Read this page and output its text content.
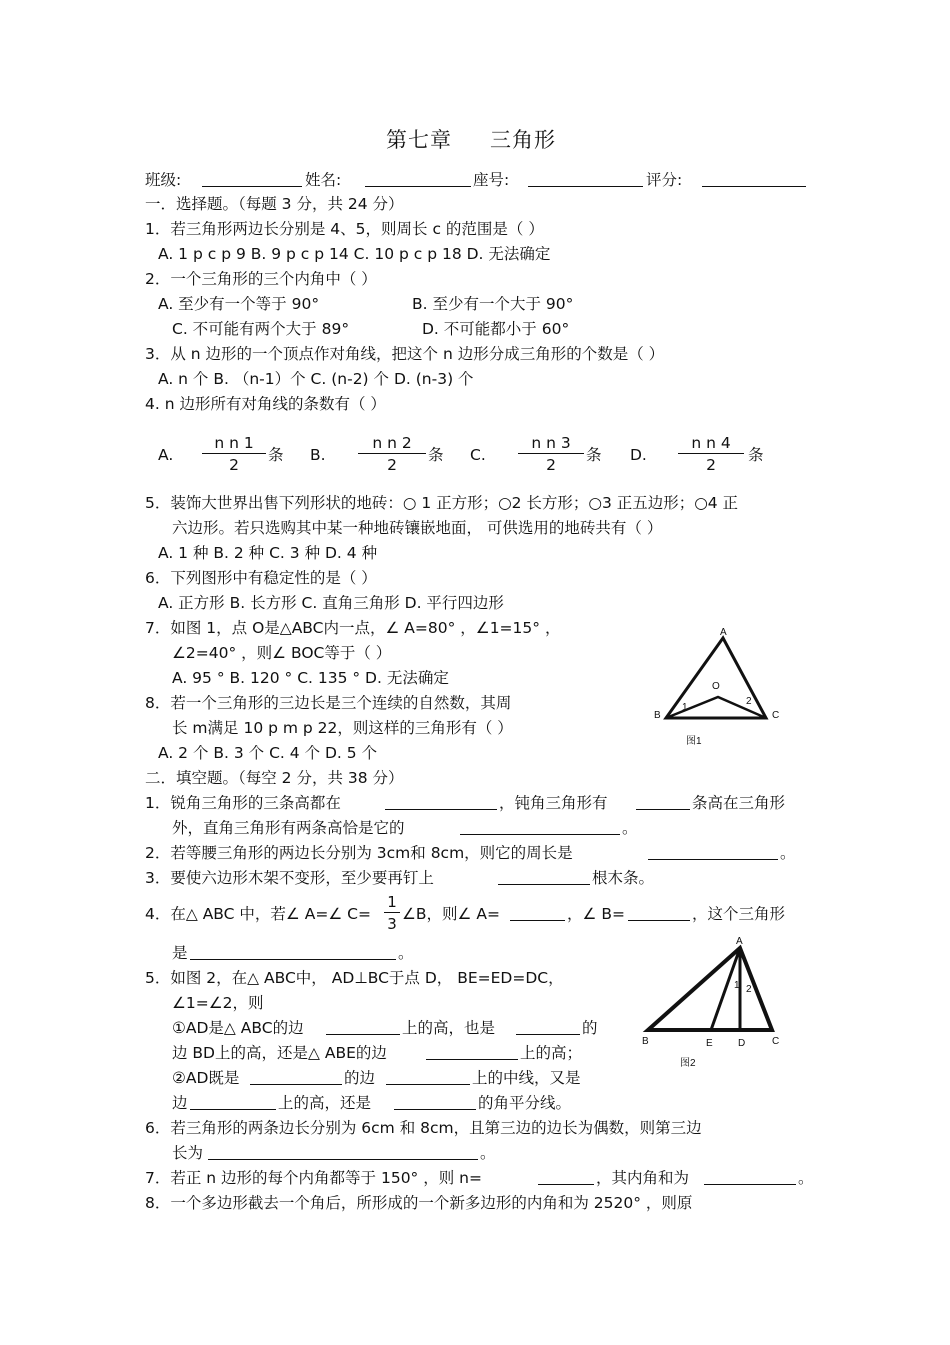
第七章 三角形
班级:	姓名:	座号:	评分:
一．选择题。（每题 3 分，共 24 分）
1．若三角形两边长分别是 4、5，则周长 c 的范围是（ ）
A. 1 p c p 9 B. 9 p c p 14 C. 10 p c p 18 D. 无法确定
2．一个三角形的三个内角中（ ）
A. 至少有一个等于 90°	B. 至少有一个大于 90°
C. 不可能有两个大于 89°	D. 不可能都小于 60°
3．从 n 边形的一个顶点作对角线，把这个 n 边形分成三角形的个数是（ ）
A. n 个 B. （n-1）个 C. (n-2) 个 D. (n-3) 个
4. n 边形所有对角线的条数有（ ）
A. $\frac{\text{n n 1}}{2}$ 条 B. $\frac{\text{n n 2}}{2}$ 条 C. $\frac{\text{n n 3}}{2}$ 条 D. $\frac{\text{n n 4}}{2}$ 条
5．装饰大世界出售下列形状的地砖：○ 1 正方形；○2 长方形；○3 正五边形；○4 正
六边形。若只选购其中某一种地砖镶嵌地面， 可供选用的地砖共有（ ）
A. 1 种 B. 2 种 C. 3 种 D. 4 种
6．下列图形中有稳定性的是（ ）
A. 正方形 B. 长方形 C. 直角三角形 D. 平行四边形
7．如图 1，点 O是△ABC内一点，∠ A=80° ，∠1=15° ，
∠2=40° ，则∠ BOC等于（ ）
A. 95 ° B. 120 ° C. 135 ° D. 无法确定
8．若一个三角形的三边长是三个连续的自然数，其周
长 m满足 10 p m p 22，则这样的三角形有（ ）
A. 2 个 B. 3 个 C. 4 个 D. 5 个
A
B	C
O
1
2
图1
二．填空题。（每空 2 分，共 38 分）
1．锐角三角形的三条高都在	，钝角三角形有	条高在三角形
外，直角三角形有两条高恰是它的	。
2．若等腰三角形的两边长分别为 3cm和 8cm，则它的周长是	。
3．要使六边形木架不变形，至少要再钉上	根木条。
4．在△ ABC 中，若∠ A=∠ $C= \frac{1}{3}$ ∠B，则∠ A=	，∠ B=	，这个三角形
是	。
5．如图 2，在△ ABC中， AD⊥BC于点 D， BE=ED=DC，
∠1=∠2，则
①AD是△ ABC的边	上的高，也是	的
边 BD上的高，还是△ ABE的边	上的高；
②AD既是	的边	上的中线，又是
边	上的高，还是	的角平分线。
A
B	C
D
E
1 2
图2
6．若三角形的两条边长分别为 6cm 和 8cm，且第三边的边长为偶数，则第三边
长为	。
7．若正 n 边形的每个内角都等于 150° ，则 n=	，其内角和为	。
8．一个多边形截去一个角后，所形成的一个新多边形的内角和为 2520° ，则原
